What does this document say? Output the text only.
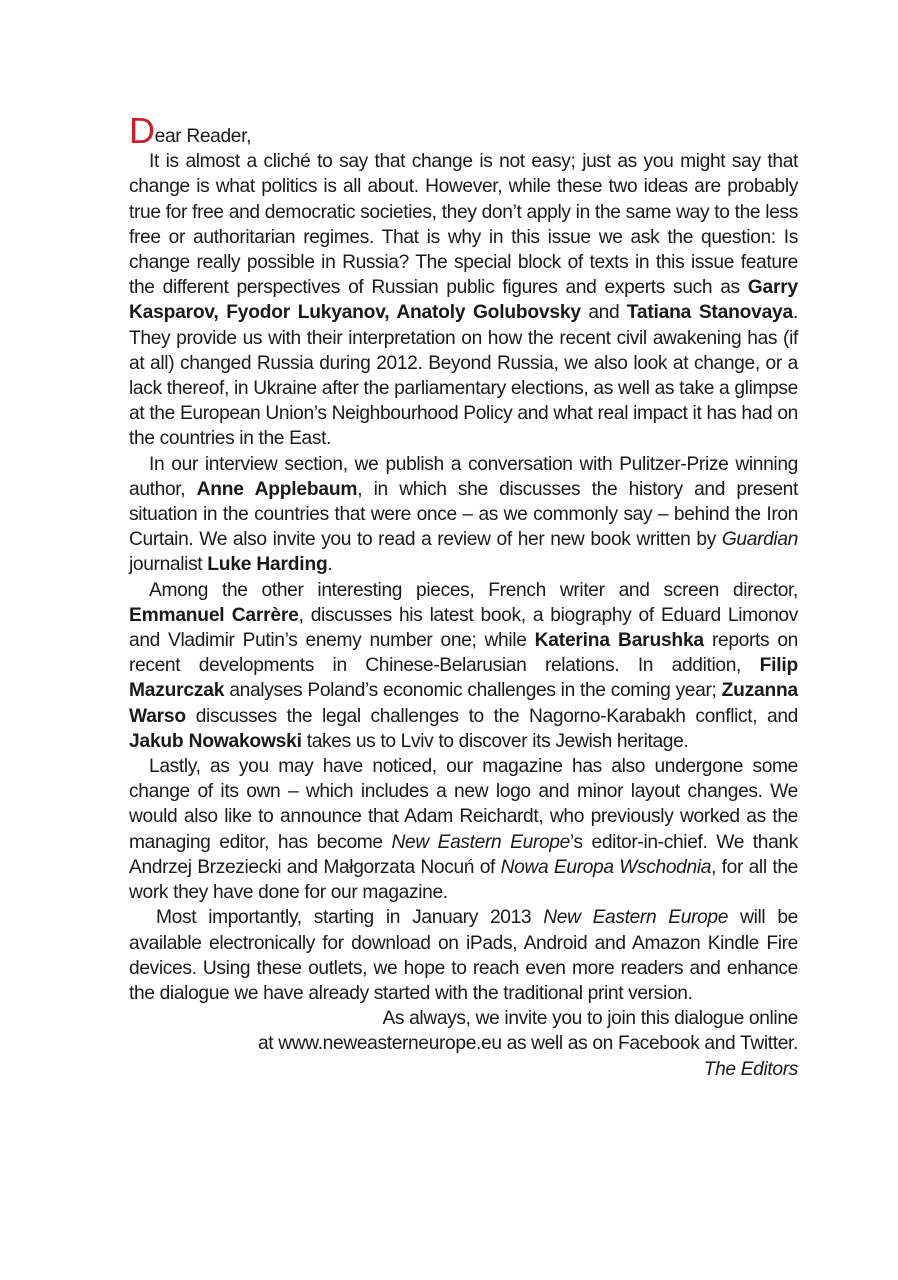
Dear Reader,

It is almost a cliché to say that change is not easy; just as you might say that change is what politics is all about. However, while these two ideas are probably true for free and democratic societies, they don’t apply in the same way to the less free or authoritarian regimes. That is why in this issue we ask the question: Is change really possible in Russia? The special block of texts in this issue feature the different perspectives of Russian public figures and experts such as Garry Kasparov, Fyodor Lukyanov, Anatoly Golubovsky and Tatiana Stanovaya. They provide us with their interpretation on how the recent civil awakening has (if at all) changed Russia during 2012. Beyond Russia, we also look at change, or a lack thereof, in Ukraine after the parliamentary elections, as well as take a glimpse at the European Union’s Neighbourhood Policy and what real impact it has had on the countries in the East.

In our interview section, we publish a conversation with Pulitzer-Prize winning author, Anne Applebaum, in which she discusses the history and present situation in the countries that were once – as we commonly say – behind the Iron Curtain. We also invite you to read a review of her new book written by Guardian journalist Luke Harding.

Among the other interesting pieces, French writer and screen director, Emmanuel Carrère, discusses his latest book, a biography of Eduard Limonov and Vladimir Putin’s enemy number one; while Katerina Barushka reports on recent developments in Chinese-Belarusian relations. In addition, Filip Mazurczak analyses Poland’s economic challenges in the coming year; Zuzanna Warso discusses the legal challenges to the Nagorno-Karabakh conflict, and Jakub Nowakowski takes us to Lviv to discover its Jewish heritage.

Lastly, as you may have noticed, our magazine has also undergone some change of its own – which includes a new logo and minor layout changes. We would also like to announce that Adam Reichardt, who previously worked as the managing editor, has become New Eastern Europe’s editor-in-chief. We thank Andrzej Brzeziecki and Małgorzata Nocuń of Nowa Europa Wschodnia, for all the work they have done for our magazine.

Most importantly, starting in January 2013 New Eastern Europe will be available electronically for download on iPads, Android and Amazon Kindle Fire devices. Using these outlets, we hope to reach even more readers and enhance the dialogue we have already started with the traditional print version.

As always, we invite you to join this dialogue online

at www.neweasterneurope.eu as well as on Facebook and Twitter.

The Editors
